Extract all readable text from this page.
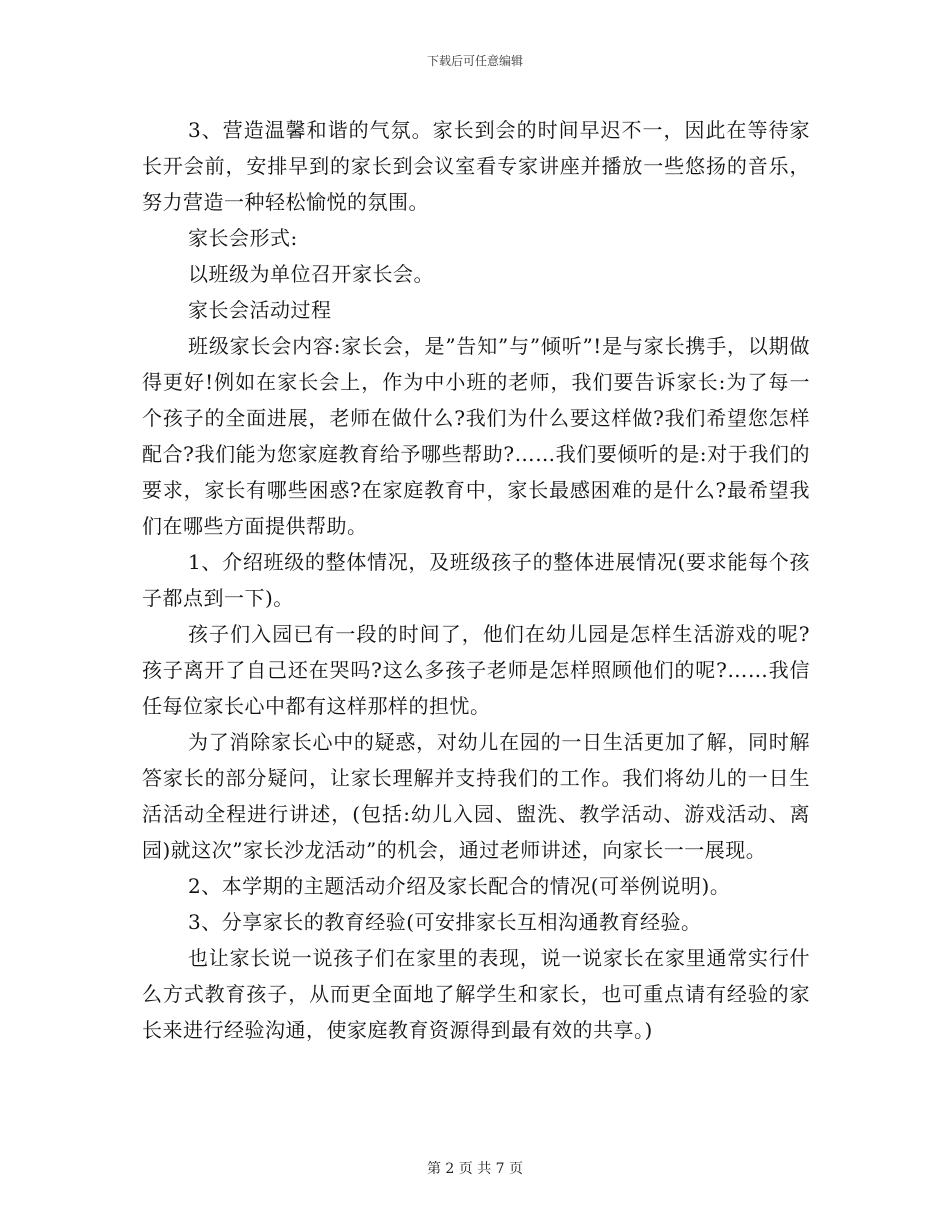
下载后可任意编辑

3、营造温馨和谐的气氛。家长到会的时间早迟不一，因此在等待家长开会前，安排早到的家长到会议室看专家讲座并播放一些悠扬的音乐，努力营造一种轻松愉悦的氛围。

家长会形式:

以班级为单位召开家长会。

家长会活动过程

班级家长会内容:家长会，是”告知”与”倾听”!是与家长携手，以期做得更好!例如在家长会上，作为中小班的老师，我们要告诉家长:为了每一个孩子的全面进展，老师在做什么?我们为什么要这样做?我们希望您怎样配合?我们能为您家庭教育给予哪些帮助?……我们要倾听的是:对于我们的要求，家长有哪些困惑?在家庭教育中，家长最感困难的是什么?最希望我们在哪些方面提供帮助。

1、介绍班级的整体情况，及班级孩子的整体进展情况(要求能每个孩子都点到一下)。

孩子们入园已有一段的时间了，他们在幼儿园是怎样生活游戏的呢?孩子离开了自己还在哭吗?这么多孩子老师是怎样照顾他们的呢?……我信任每位家长心中都有这样那样的担忧。

为了消除家长心中的疑惑，对幼儿在园的一日生活更加了解，同时解答家长的部分疑问，让家长理解并支持我们的工作。我们将幼儿的一日生活活动全程进行讲述，(包括:幼儿入园、盥洗、教学活动、游戏活动、离园)就这次”家长沙龙活动”的机会，通过老师讲述，向家长一一展现。

2、本学期的主题活动介绍及家长配合的情况(可举例说明)。

3、分享家长的教育经验(可安排家长互相沟通教育经验。

也让家长说一说孩子们在家里的表现，说一说家长在家里通常实行什么方式教育孩子，从而更全面地了解学生和家长，也可重点请有经验的家长来进行经验沟通，使家庭教育资源得到最有效的共享。)

第 2 页 共 7 页
